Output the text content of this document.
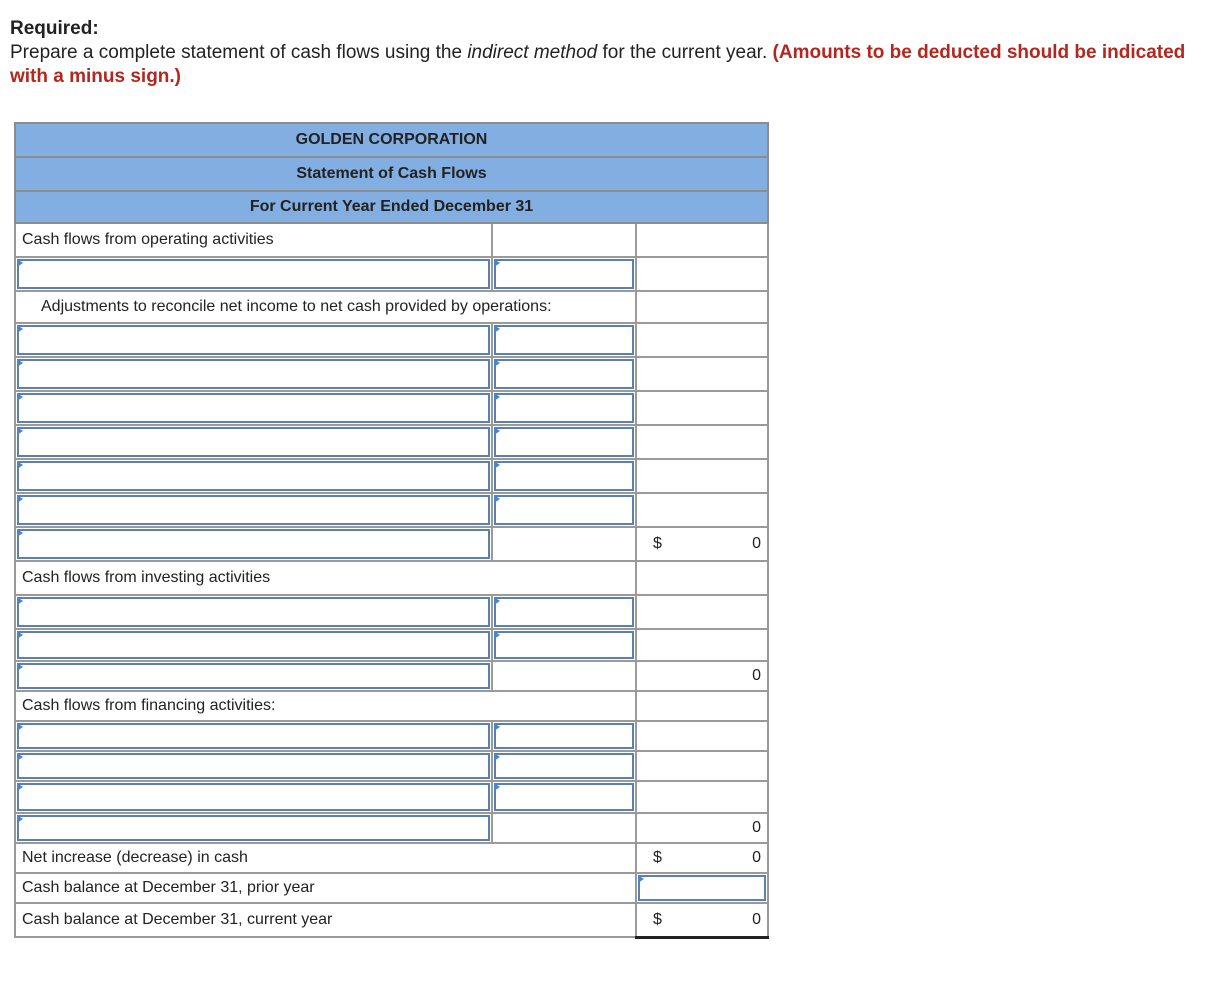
Required:
Prepare a complete statement of cash flows using the indirect method for the current year. (Amounts to be deducted should be indicated with a minus sign.)
GOLDEN CORPORATION		
Statement of Cash Flows		
For Current Year Ended December 31		
Cash flows from operating activities		

Adjustments to reconcile net income to net cash provided by operations:		

		$ 0

Cash flows from investing activities		

		0

Cash flows from financing activities:		

		0

Net increase (decrease) in cash		$ 0

Cash balance at December 31, prior year		

Cash balance at December 31, current year		$ 0
